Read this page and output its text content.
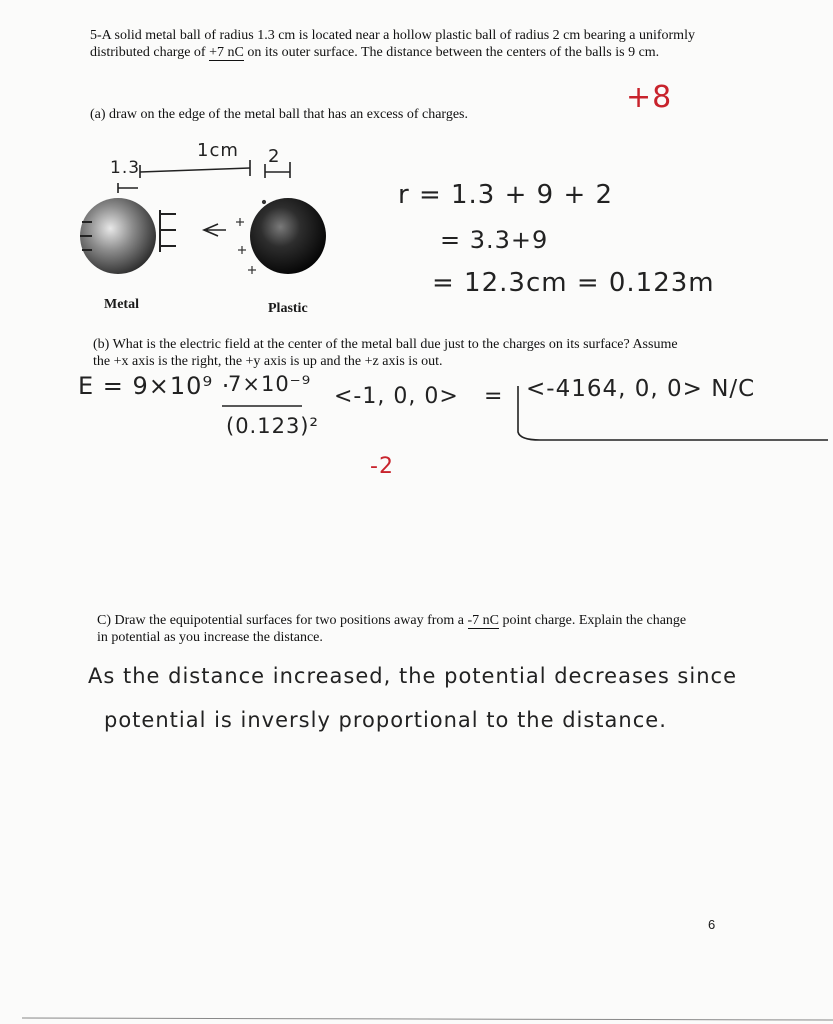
5-A solid metal ball of radius 1.3 cm is located near a hollow plastic ball of radius 2 cm bearing a uniformly distributed charge of +7 nC on its outer surface. The distance between the centers of the balls is 9 cm.
(a) draw on the edge of the metal ball that has an excess of charges.	+8
1cm 2
1.3
Metal	Plastic
r = 1.3 + 9 + 2
= 3.3+9
= 12.3cm = 0.123m
(b) What is the electric field at the center of the metal ball due just to the charges on its surface? Assume
the +x axis is the right, the +y axis is up and the +z axis is out.
E = 9×10⁹ ·
7×10⁻⁹
(0.123)²
<-1, 0, 0> = <-4164, 0, 0> N/C
-2
C) Draw the equipotential surfaces for two positions away from a -7 nC point charge. Explain the change
in potential as you increase the distance.
As the distance increased, the potential decreases since
potential is inversly proportional to the distance.
6
